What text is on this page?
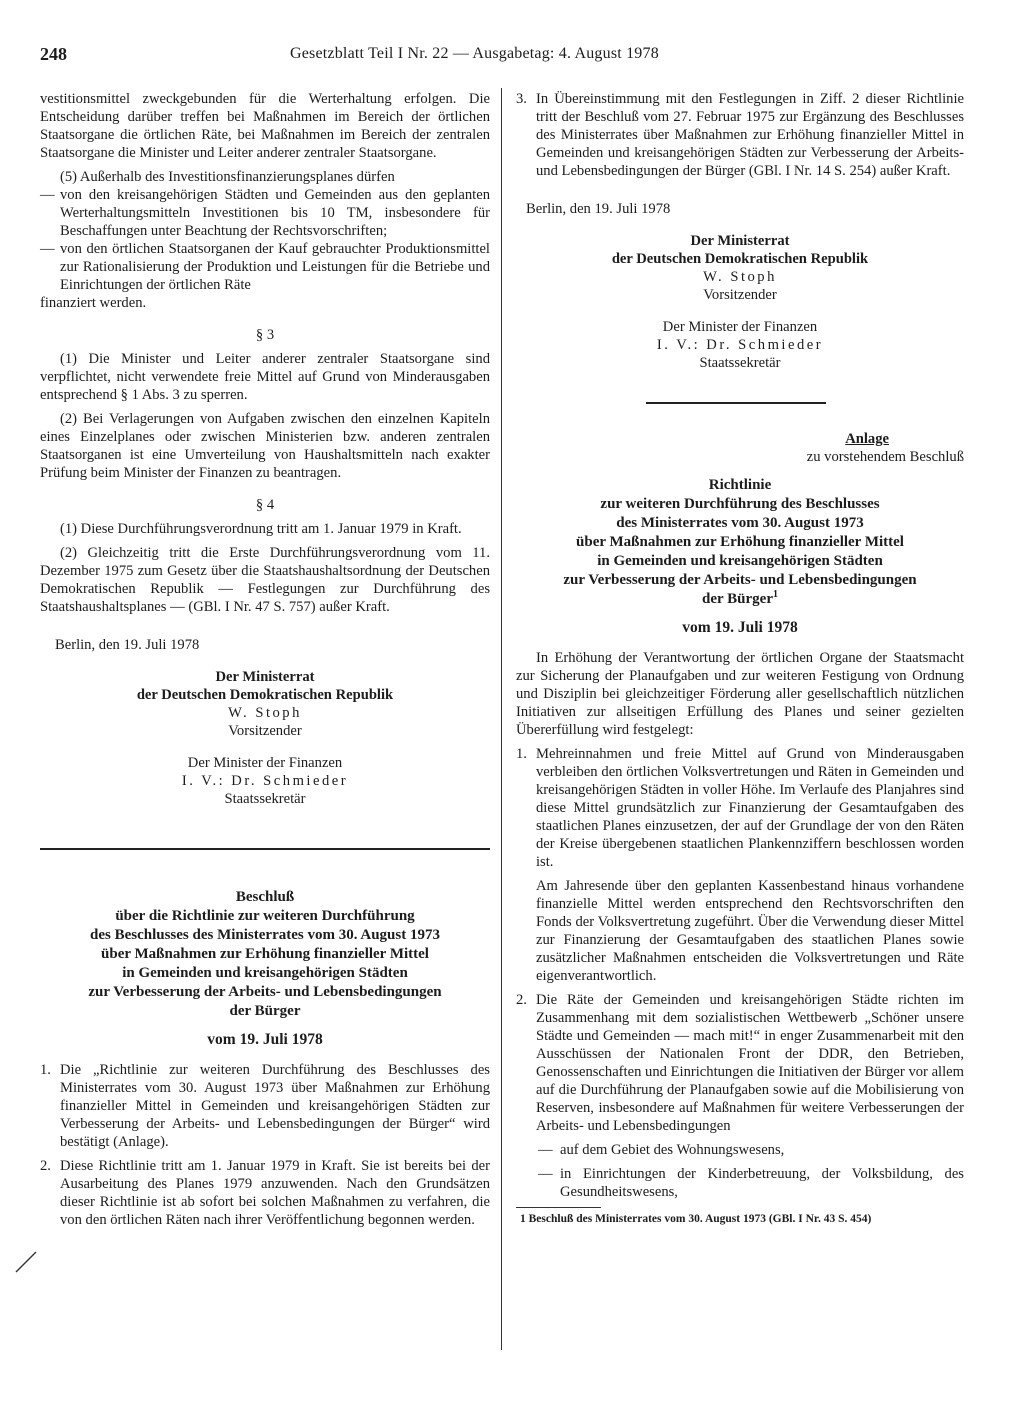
248	Gesetzblatt Teil I Nr. 22 — Ausgabetag: 4. August 1978

vestitionsmittel zweckgebunden für die Werterhaltung erfolgen. Die Entscheidung darüber treffen bei Maßnahmen im Bereich der örtlichen Staatsorgane die örtlichen Räte, bei Maßnahmen im Bereich der zentralen Staatsorgane die Minister und Leiter anderer zentraler Staatsorgane.

(5) Außerhalb des Investitionsfinanzierungsplanes dürfen

— von den kreisangehörigen Städten und Gemeinden aus den geplanten Werterhaltungsmitteln Investitionen bis 10 TM, insbesondere für Beschaffungen unter Beachtung der Rechtsvorschriften;
— von den örtlichen Staatsorganen der Kauf gebrauchter Produktionsmittel zur Rationalisierung der Produktion und Leistungen für die Betriebe und Einrichtungen der örtlichen Räte

finanziert werden.

§ 3

(1) Die Minister und Leiter anderer zentraler Staatsorgane sind verpflichtet, nicht verwendete freie Mittel auf Grund von Minderausgaben entsprechend § 1 Abs. 3 zu sperren.

(2) Bei Verlagerungen von Aufgaben zwischen den einzelnen Kapiteln eines Einzelplanes oder zwischen Ministerien bzw. anderen zentralen Staatsorganen ist eine Umverteilung von Haushaltsmitteln nach exakter Prüfung beim Minister der Finanzen zu beantragen.

§ 4

(1) Diese Durchführungsverordnung tritt am 1. Januar 1979 in Kraft.

(2) Gleichzeitig tritt die Erste Durchführungsverordnung vom 11. Dezember 1975 zum Gesetz über die Staatshaushaltsordnung der Deutschen Demokratischen Republik — Festlegungen zur Durchführung des Staatshaushaltsplanes — (GBl. I Nr. 47 S. 757) außer Kraft.

Berlin, den 19. Juli 1978

Der Ministerrat
der Deutschen Demokratischen Republik
W. Stoph
Vorsitzender
Der Minister der Finanzen
I. V.: Dr. Schmieder
Staatssekretär
Beschluß
über die Richtlinie zur weiteren Durchführung
des Beschlusses des Ministerrates vom 30. August 1973
über Maßnahmen zur Erhöhung finanzieller Mittel
in Gemeinden und kreisangehörigen Städten
zur Verbesserung der Arbeits- und Lebensbedingungen
der Bürger
vom 19. Juli 1978
1. Die „Richtlinie zur weiteren Durchführung des Beschlusses des Ministerrates vom 30. August 1973 über Maßnahmen zur Erhöhung finanzieller Mittel in Gemeinden und kreisangehörigen Städten zur Verbesserung der Arbeits- und Lebensbedingungen der Bürger“ wird bestätigt (Anlage).
2. Diese Richtlinie tritt am 1. Januar 1979 in Kraft. Sie ist bereits bei der Ausarbeitung des Planes 1979 anzuwenden. Nach den Grundsätzen dieser Richtlinie ist ab sofort bei solchen Maßnahmen zu verfahren, die von den örtlichen Räten nach ihrer Veröffentlichung begonnen werden.
3. In Übereinstimmung mit den Festlegungen in Ziff. 2 dieser Richtlinie tritt der Beschluß vom 27. Februar 1975 zur Ergänzung des Beschlusses des Ministerrates über Maßnahmen zur Erhöhung finanzieller Mittel in Gemeinden und kreisangehörigen Städten zur Verbesserung der Arbeits- und Lebensbedingungen der Bürger (GBl. I Nr. 14 S. 254) außer Kraft.

Berlin, den 19. Juli 1978

Der Ministerrat
der Deutschen Demokratischen Republik
W. Stoph
Vorsitzender
Der Minister der Finanzen
I. V.: Dr. Schmieder
Staatssekretär
Anlage
zu vorstehendem Beschluß
Richtlinie
zur weiteren Durchführung des Beschlusses
des Ministerrates vom 30. August 1973
über Maßnahmen zur Erhöhung finanzieller Mittel
in Gemeinden und kreisangehörigen Städten
zur Verbesserung der Arbeits- und Lebensbedingungen
der Bürger$^1$
vom 19. Juli 1978

In Erhöhung der Verantwortung der örtlichen Organe der Staatsmacht zur Sicherung der Planaufgaben und zur weiteren Festigung von Ordnung und Disziplin bei gleichzeitiger Förderung aller gesellschaftlich nützlichen Initiativen zur allseitigen Erfüllung des Planes und seiner gezielten Übererfüllung wird festgelegt:

1. Mehreinnahmen und freie Mittel auf Grund von Minderausgaben verbleiben den örtlichen Volksvertretungen und Räten in Gemeinden und kreisangehörigen Städten in voller Höhe. Im Verlaufe des Planjahres sind diese Mittel grundsätzlich zur Finanzierung der Gesamtaufgaben des staatlichen Planes einzusetzen, der auf der Grundlage der von den Räten der Kreise übergebenen staatlichen Plankennziffern beschlossen worden ist.

Am Jahresende über den geplanten Kassenbestand hinaus vorhandene finanzielle Mittel werden entsprechend den Rechtsvorschriften den Fonds der Volksvertretung zugeführt. Über die Verwendung dieser Mittel zur Finanzierung der Gesamtaufgaben des staatlichen Planes sowie zusätzlicher Maßnahmen entscheiden die Volksvertretungen und Räte eigenverantwortlich.

2. Die Räte der Gemeinden und kreisangehörigen Städte richten im Zusammenhang mit dem sozialistischen Wettbewerb „Schöner unsere Städte und Gemeinden — mach mit!“ in enger Zusammenarbeit mit den Ausschüssen der Nationalen Front der DDR, den Betrieben, Genossenschaften und Einrichtungen die Initiativen der Bürger vor allem auf die Durchführung der Planaufgaben sowie auf die Mobilisierung von Reserven, insbesondere auf Maßnahmen für weitere Verbesserungen der Arbeits- und Lebensbedingungen
— auf dem Gebiet des Wohnungswesens,
— in Einrichtungen der Kinderbetreuung, der Volksbildung, des Gesundheitswesens,
1 Beschluß des Ministerrates vom 30. August 1973 (GBl. I Nr. 43 S. 454)
